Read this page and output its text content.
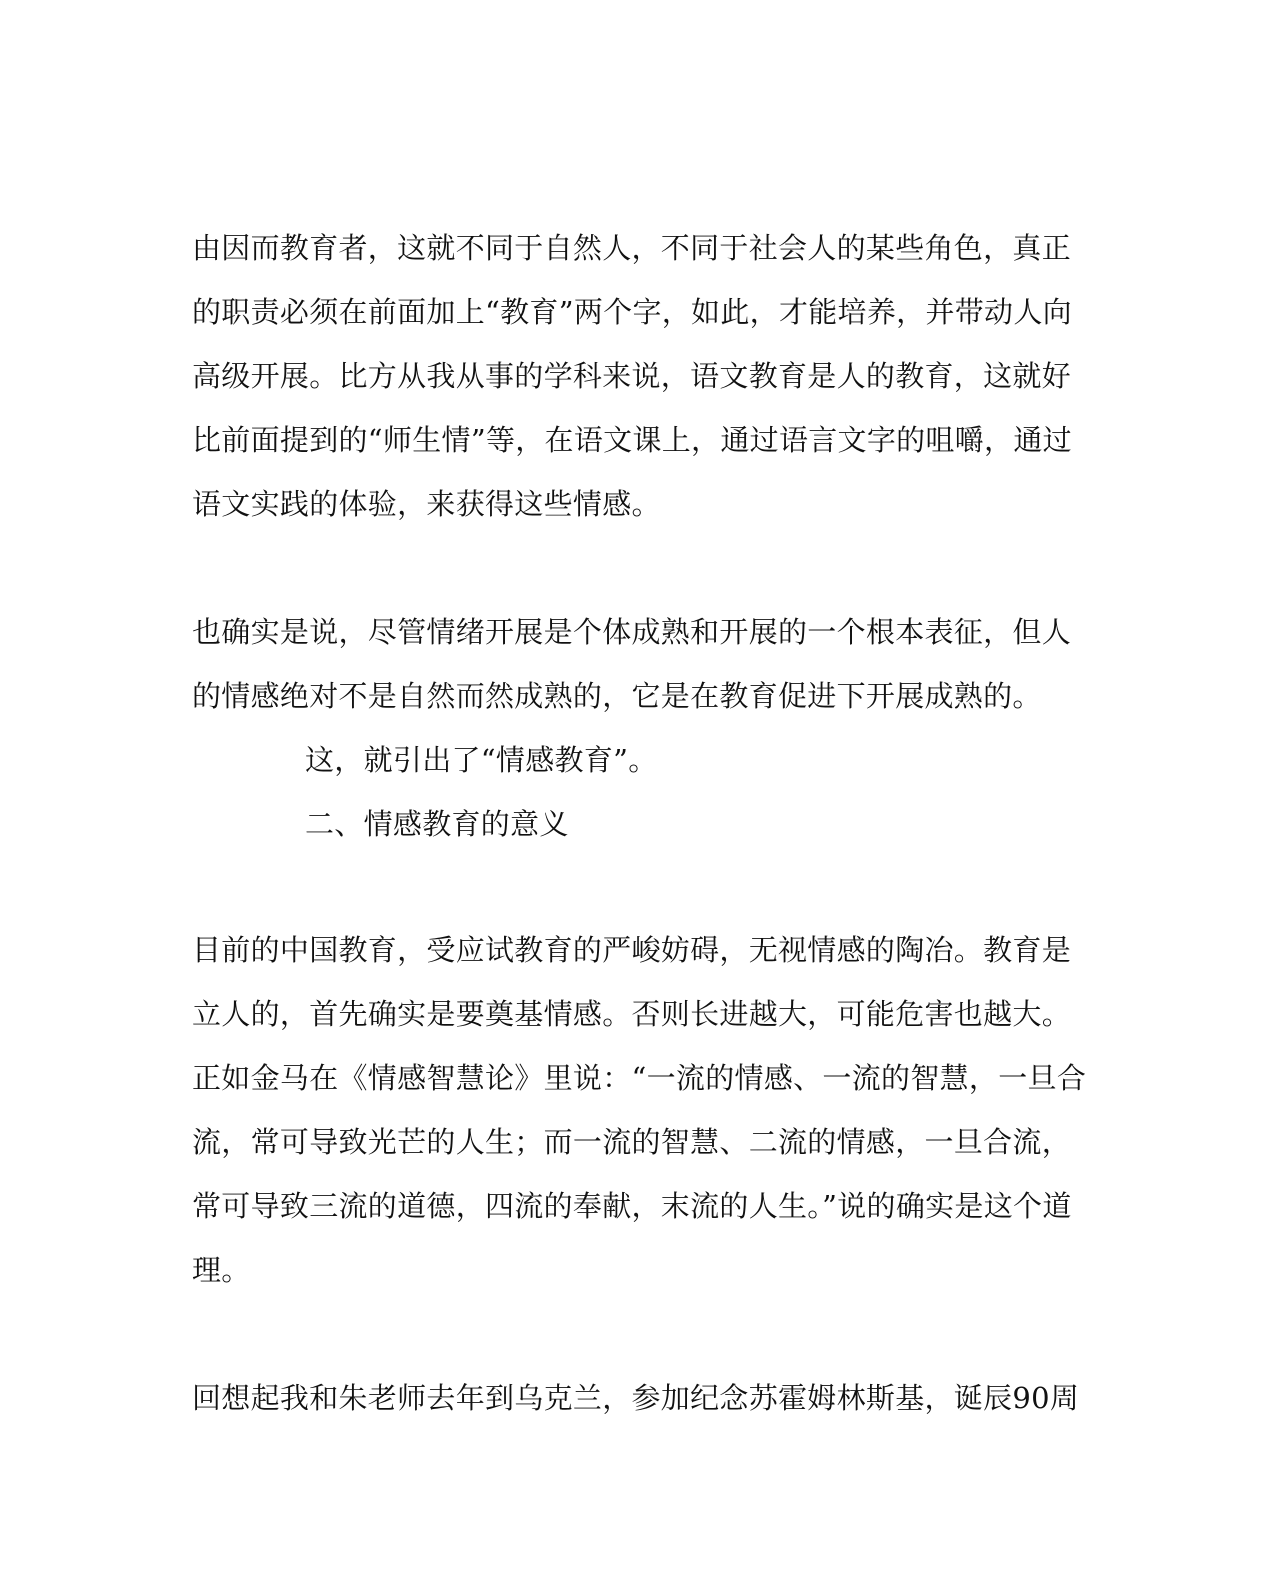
由因而教育者，这就不同于自然人，不同于社会人的某些角色，真正
的职责必须在前面加上“教育”两个字，如此，才能培养，并带动人向
高级开展。比方从我从事的学科来说，语文教育是人的教育，这就好
比前面提到的“师生情”等，在语文课上，通过语言文字的咀嚼，通过
语文实践的体验，来获得这些情感。
也确实是说，尽管情绪开展是个体成熟和开展的一个根本表征，但人
的情感绝对不是自然而然成熟的，它是在教育促进下开展成熟的。
这，就引出了“情感教育”。
二、情感教育的意义
目前的中国教育，受应试教育的严峻妨碍，无视情感的陶冶。教育是
立人的，首先确实是要奠基情感。否则长进越大，可能危害也越大。
正如金马在《情感智慧论》里说：“一流的情感、一流的智慧，一旦合
流，常可导致光芒的人生；而一流的智慧、二流的情感，一旦合流，
常可导致三流的道德，四流的奉献，末流的人生。”说的确实是这个道
理。
回想起我和朱老师去年到乌克兰，参加纪念苏霍姆林斯基，诞辰90周
